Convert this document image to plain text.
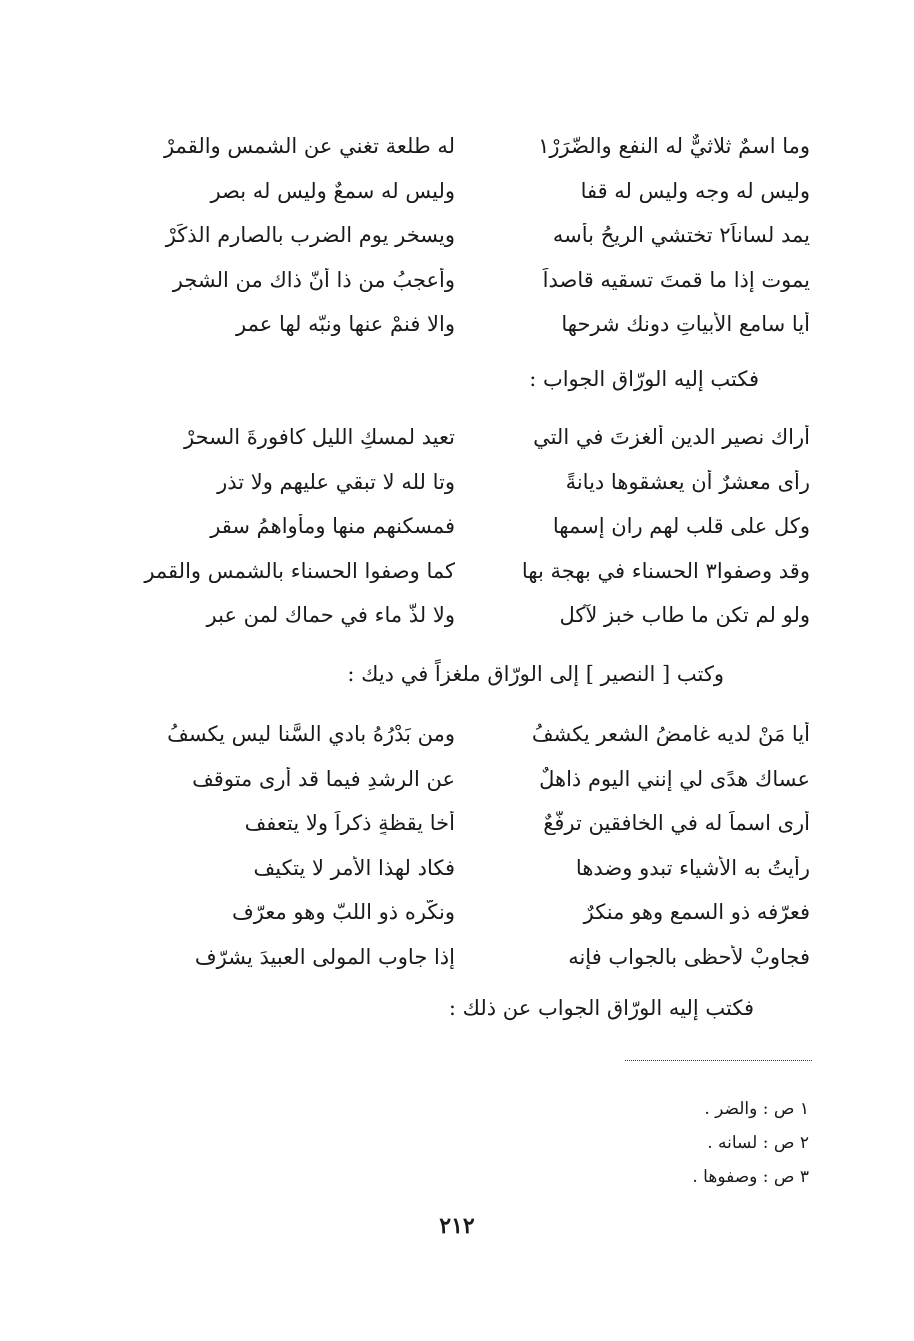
وما اسمٌ ثلاثيٌّ له النفع والضّرَرْ١
له طلعة تغني عن الشمس والقمرْ
وليس له وجه وليس له قفا
وليس له سمعٌ وليس له بصر
يمد لساناً٢ تختشي الريحُ بأسه
ويسخر يوم الضرب بالصارم الذكَرْ
يموت إذا ما قمتَ تسقيه قاصداً
وأعجبُ من ذا أنّ ذاك من الشجر
أيا سامع الأبياتِ دونك شرحها
والا فنمْ عنها ونبّه لها عمر
فكتب إليه الورّاق الجواب :
أراك نصير الدين ألغزتَ في التي
تعيد لمسكِ الليل كافورةَ السحرْ
رأى معشرٌ أن يعشقوها ديانةً
وتا لله لا تبقي عليهم ولا تذر
وكل على قلب لهم ران إسمها
فمسكنهم منها ومأواهمُ سقر
وقد وصفوا٣ الحسناء في بهجة بها
كما وصفوا الحسناء بالشمس والقمر
ولو لم تكن ما طاب خبز لآكل
ولا لذّ ماء في حماك لمن عبر
وكتب [ النصير ] إلى الورّاق ملغزاً في ديك :
أيا مَنْ لديه غامضُ الشعر يكشفُ
ومن بَدْرُهُ بادي السَّنا ليس يكسفُ
عساك هدًى لي إنني اليوم ذاهلٌ
عن الرشدِ فيما قد أرى متوقف
أرى اسماً له في الخافقين ترفُّعٌ
أخا يقظةٍ ذكراً ولا يتعفف
رأيتُ به الأشياء تبدو وضدها
فكاد لهذا الأمر لا يتكيف
فعرّفه ذو السمع وهو منكرٌ
ونكّره ذو اللبّ وهو معرّف
فجاوبْ لأحظى بالجواب فإنه
إذا جاوب المولى العبيدَ يشرّف
فكتب إليه الورّاق الجواب عن ذلك :
١ ص : والضر .
٢ ص : لسانه .
٣ ص : وصفوها .
٢١٢
